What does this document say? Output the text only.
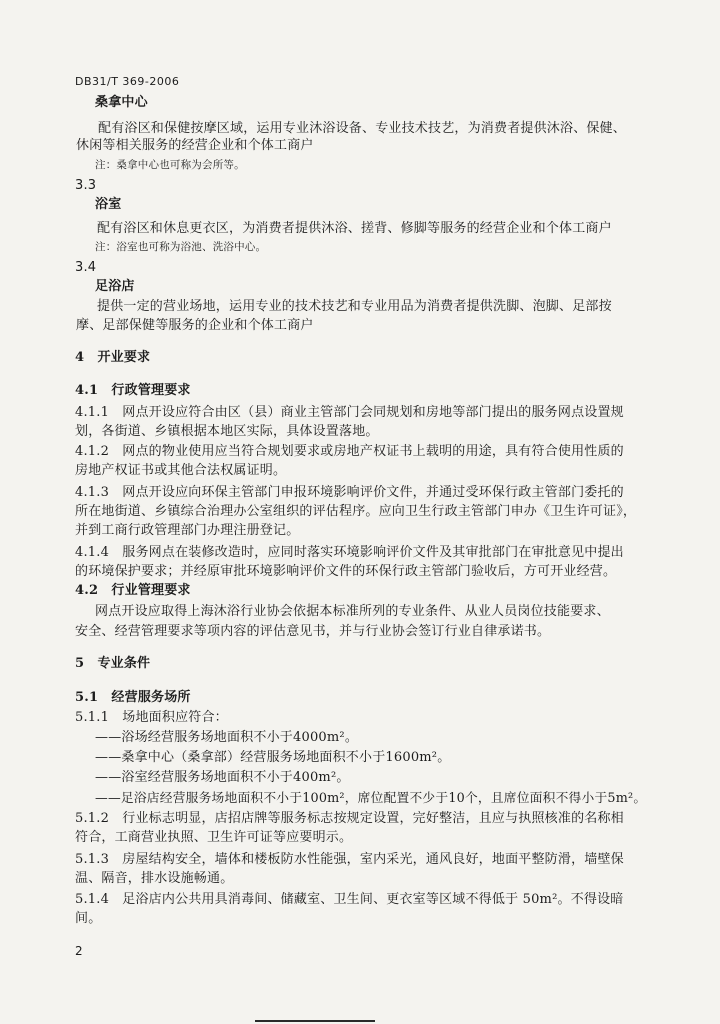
DB31/T 369-2006
桑拿中心
配有浴区和保健按摩区域，运用专业沐浴设备、专业技术技艺，为消费者提供沐浴、保健、
休闲等相关服务的经营企业和个体工商户
注：桑拿中心也可称为会所等。
3.3
浴室
配有浴区和休息更衣区，为消费者提供沐浴、搓背、修脚等服务的经营企业和个体工商户
注：浴室也可称为浴池、洗浴中心。
3.4
足浴店
提供一定的营业场地，运用专业的技术技艺和专业用品为消费者提供洗脚、泡脚、足部按
摩、足部保健等服务的企业和个体工商户
4　开业要求
4.1　行政管理要求
4.1.1　网点开设应符合由区（县）商业主管部门会同规划和房地等部门提出的服务网点设置规
划，各街道、乡镇根据本地区实际，具体设置落地。
4.1.2　网点的物业使用应当符合规划要求或房地产权证书上载明的用途，具有符合使用性质的
房地产权证书或其他合法权属证明。
4.1.3　网点开设应向环保主管部门申报环境影响评价文件，并通过受环保行政主管部门委托的
所在地街道、乡镇综合治理办公室组织的评估程序。应向卫生行政主管部门申办《卫生许可证》，
并到工商行政管理部门办理注册登记。
4.1.4　服务网点在装修改造时，应同时落实环境影响评价文件及其审批部门在审批意见中提出
的环境保护要求；并经原审批环境影响评价文件的环保行政主管部门验收后，方可开业经营。
4.2　行业管理要求
网点开设应取得上海沐浴行业协会依据本标准所列的专业条件、从业人员岗位技能要求、
安全、经营管理要求等项内容的评估意见书，并与行业协会签订行业自律承诺书。
5　专业条件
5.1　经营服务场所
5.1.1　场地面积应符合：
——浴场经营服务场地面积不小于4000m²。
——桑拿中心（桑拿部）经营服务场地面积不小于1600m²。
——浴室经营服务场地面积不小于400m²。
——足浴店经营服务场地面积不小于100m²，席位配置不少于10个，且席位面积不得小于5m²。
5.1.2　行业标志明显，店招店牌等服务标志按规定设置，完好整洁，且应与执照核准的名称相
符合，工商营业执照、卫生许可证等应要明示。
5.1.3　房屋结构安全，墙体和楼板防水性能强，室内采光，通风良好，地面平整防滑，墙壁保
温、隔音，排水设施畅通。
5.1.4　足浴店内公共用具消毒间、储藏室、卫生间、更衣室等区域不得低于 50m²。不得设暗
间。
2
